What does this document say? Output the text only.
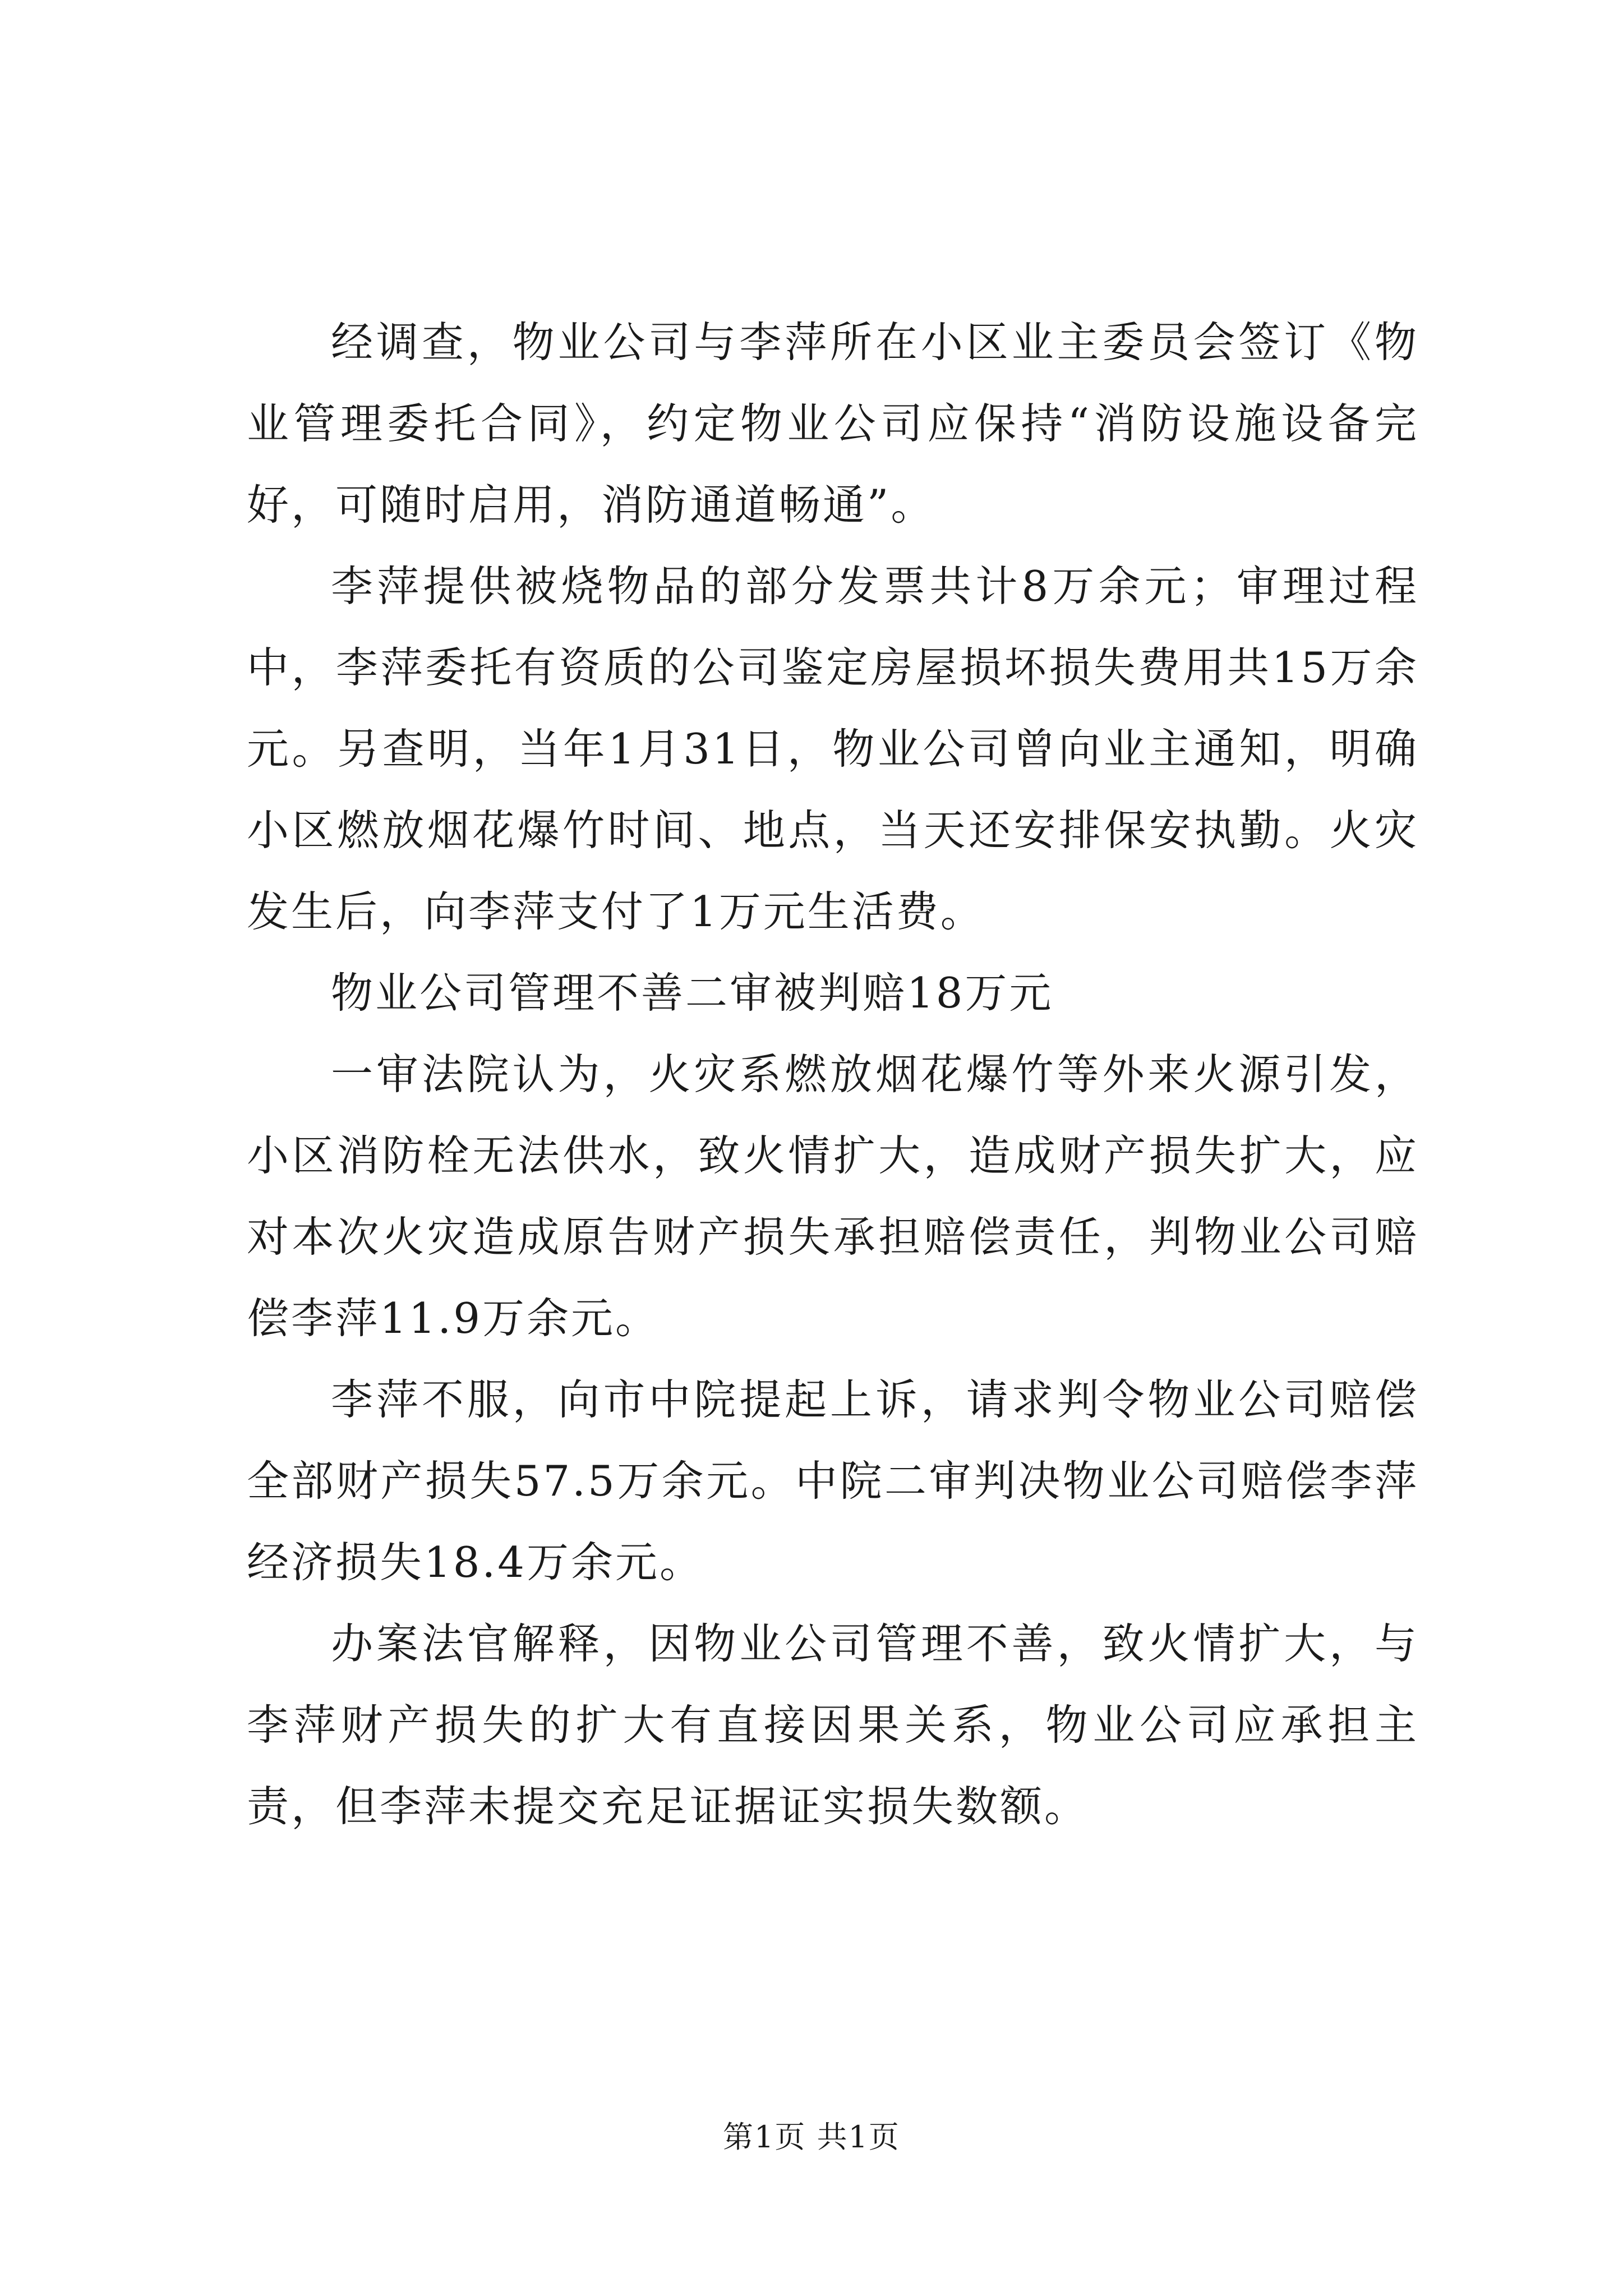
经调查，物业公司与李萍所在小区业主委员会签订《物业管理委托合同》，约定物业公司应保持“消防设施设备完好，可随时启用，消防通道畅通”。

李萍提供被烧物品的部分发票共计8万余元；审理过程中，李萍委托有资质的公司鉴定房屋损坏损失费用共15万余元。另查明，当年1月31日，物业公司曾向业主通知，明确小区燃放烟花爆竹时间、地点，当天还安排保安执勤。火灾发生后，向李萍支付了1万元生活费。

物业公司管理不善二审被判赔18万元

一审法院认为，火灾系燃放烟花爆竹等外来火源引发，小区消防栓无法供水，致火情扩大，造成财产损失扩大，应对本次火灾造成原告财产损失承担赔偿责任，判物业公司赔偿李萍11.9万余元。

李萍不服，向市中院提起上诉，请求判令物业公司赔偿全部财产损失57.5万余元。中院二审判决物业公司赔偿李萍经济损失18.4万余元。

办案法官解释，因物业公司管理不善，致火情扩大，与李萍财产损失的扩大有直接因果关系，物业公司应承担主责，但李萍未提交充足证据证实损失数额。

第1页 共1页
